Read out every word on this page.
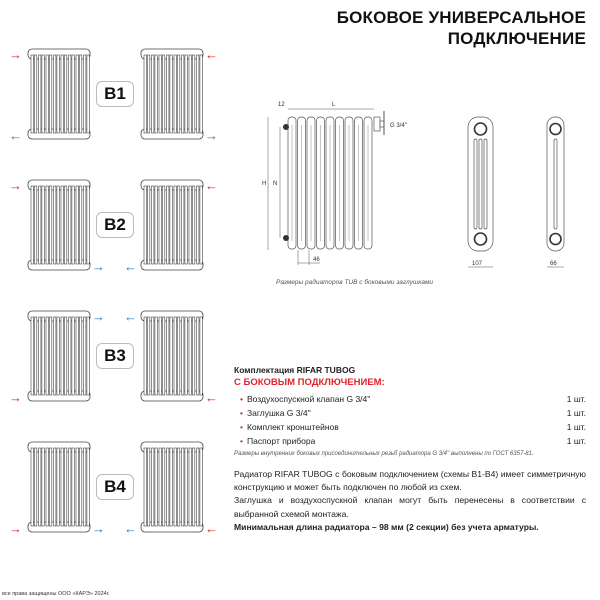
БОКОВОЕ УНИВЕРСАЛЬНОЕ
ПОДКЛЮЧЕНИЕ
B1
→
←
←
→
B2
→
→ ←
←
B3
→
→ ←
←
B4
→	→ ←	←
12	L
G 3/4''
46
107	66
H N
Размеры радиаторов TUB с боковыми заглушками
Комплектация RIFAR TUBOG
С БОКОВЫМ ПОДКЛЮЧЕНИЕМ:
• Воздухоспускной клапан G 3/4''	1 шт.
• Заглушка G 3/4''	1 шт.
• Комплект кронштейнов	1 шт.
• Паспорт прибора	1 шт.
Размеры внутренних боковых присоединительных резьб радиатора G 3/4'' выполнены по ГОСТ 6357-81.
Радиатор RIFAR TUBOG с боковым подключением (схемы В1-В4) имеет симметричную конструкцию и может быть подключен по любой из схем.
Заглушка и воздухоспускной клапан могут быть перенесены в соответствии с выбранной схемой монтажа.
Минимальная длина радиатора – 98 мм (2 секции) без учета арматуры.
все права защищены ООО «КАРЭ» 2024г.
